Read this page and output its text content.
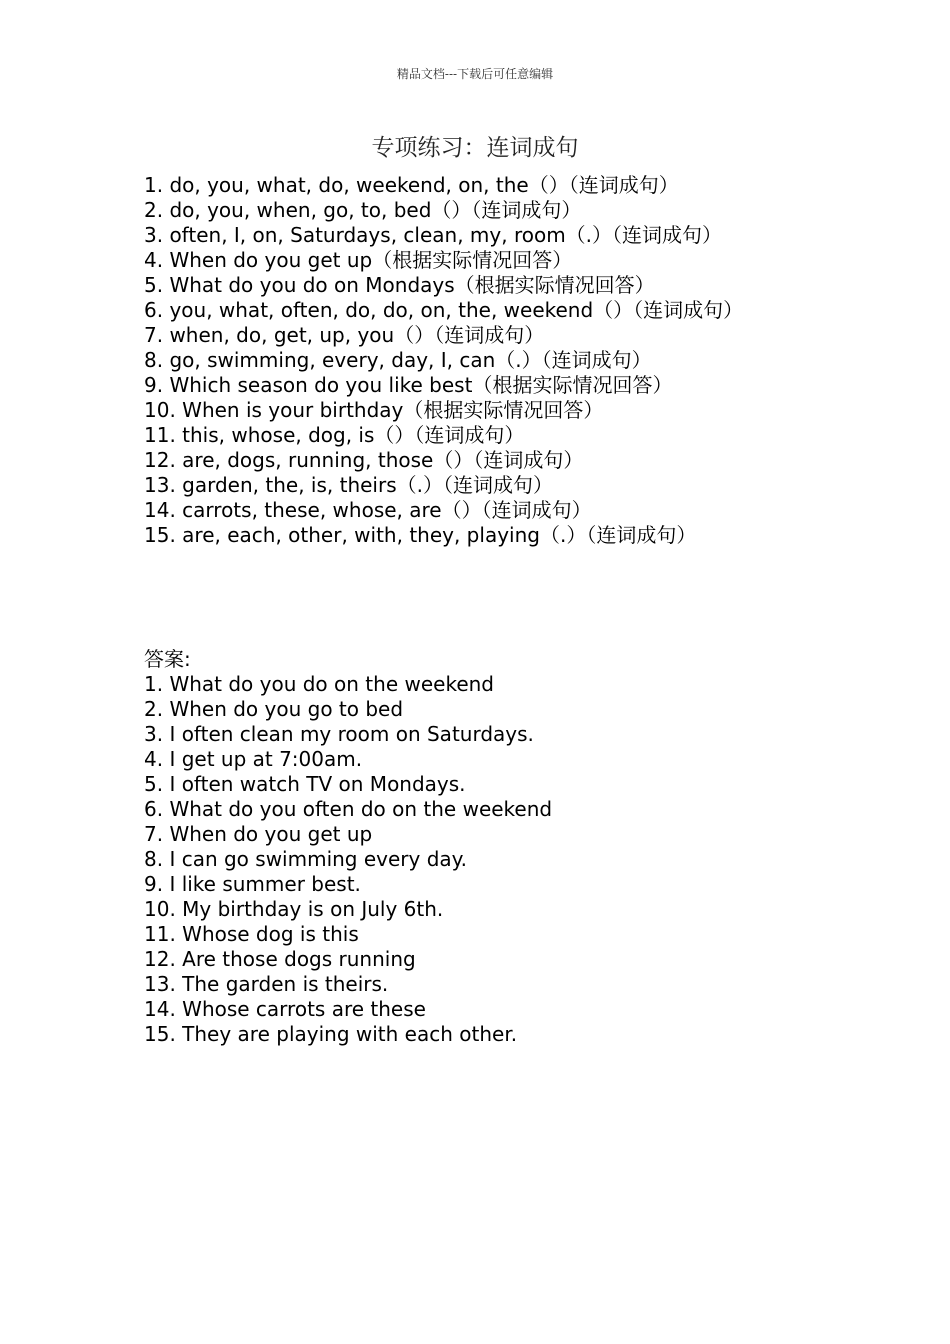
精品文档---下载后可任意编辑
专项练习：连词成句
1. do, you, what, do, weekend, on, the（）（连词成句）
2. do, you, when, go, to, bed（）（连词成句）
3. often, I, on, Saturdays, clean, my, room（.）（连词成句）
4. When do you get up（根据实际情况回答）
5. What do you do on Mondays（根据实际情况回答）
6. you, what, often, do, do, on, the, weekend（）（连词成句）
7. when, do, get, up, you（）（连词成句）
8. go, swimming, every, day, I, can（.）（连词成句）
9. Which season do you like best（根据实际情况回答）
10. When is your birthday（根据实际情况回答）
11. this, whose, dog, is（）（连词成句）
12. are, dogs, running, those（）（连词成句）
13. garden, the, is, theirs（.）（连词成句）
14. carrots, these, whose, are（）（连词成句）
15. are, each, other, with, they, playing（.）（连词成句）
答案:
1. What do you do on the weekend
2. When do you go to bed
3. I often clean my room on Saturdays.
4. I get up at 7:00am.
5. I often watch TV on Mondays.
6. What do you often do on the weekend
7. When do you get up
8. I can go swimming every day.
9. I like summer best.
10. My birthday is on July 6th.
11. Whose dog is this
12. Are those dogs running
13. The garden is theirs.
14. Whose carrots are these
15. They are playing with each other.
